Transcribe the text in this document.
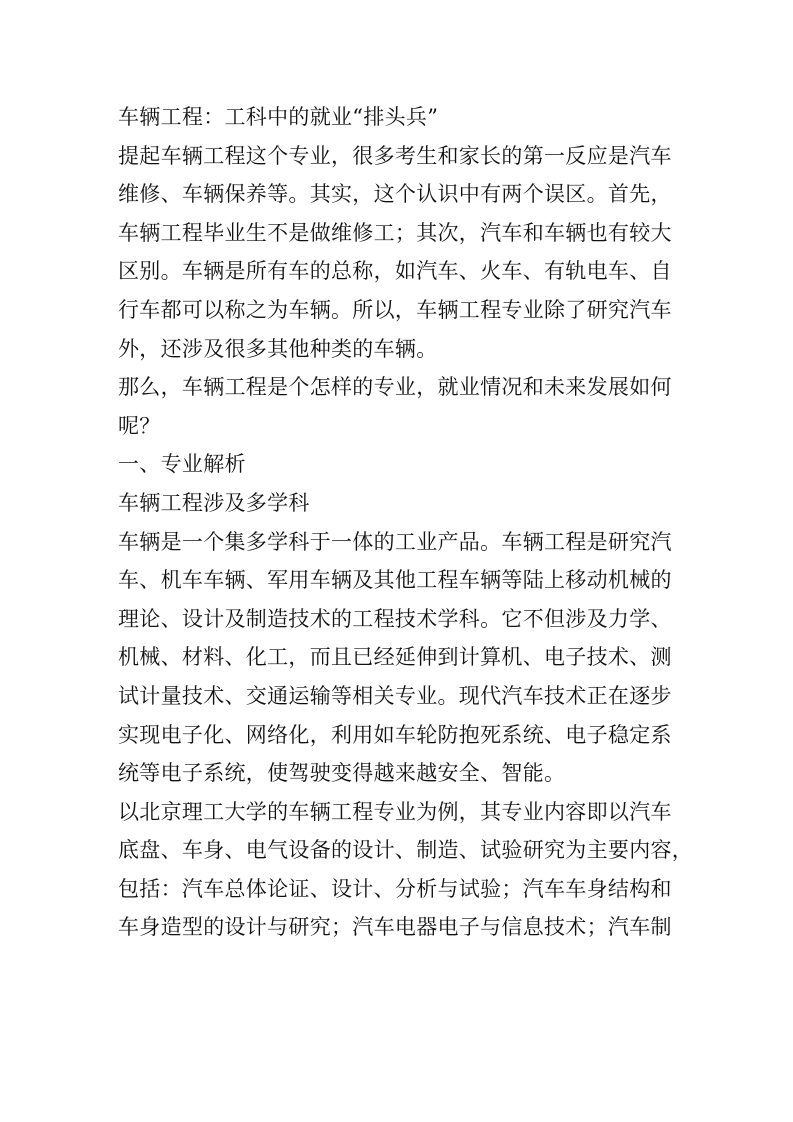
车辆工程：工科中的就业“排头兵”
提起车辆工程这个专业，很多考生和家长的第一反应是汽车
维修、车辆保养等。其实，这个认识中有两个误区。首先，
车辆工程毕业生不是做维修工；其次，汽车和车辆也有较大
区别。车辆是所有车的总称，如汽车、火车、有轨电车、自
行车都可以称之为车辆。所以，车辆工程专业除了研究汽车
外，还涉及很多其他种类的车辆。
那么，车辆工程是个怎样的专业，就业情况和未来发展如何
呢？
一、专业解析
车辆工程涉及多学科
车辆是一个集多学科于一体的工业产品。车辆工程是研究汽
车、机车车辆、军用车辆及其他工程车辆等陆上移动机械的
理论、设计及制造技术的工程技术学科。它不但涉及力学、
机械、材料、化工，而且已经延伸到计算机、电子技术、测
试计量技术、交通运输等相关专业。现代汽车技术正在逐步
实现电子化、网络化，利用如车轮防抱死系统、电子稳定系
统等电子系统，使驾驶变得越来越安全、智能。
以北京理工大学的车辆工程专业为例，其专业内容即以汽车
底盘、车身、电气设备的设计、制造、试验研究为主要内容，
包括：汽车总体论证、设计、分析与试验；汽车车身结构和
车身造型的设计与研究；汽车电器电子与信息技术；汽车制
